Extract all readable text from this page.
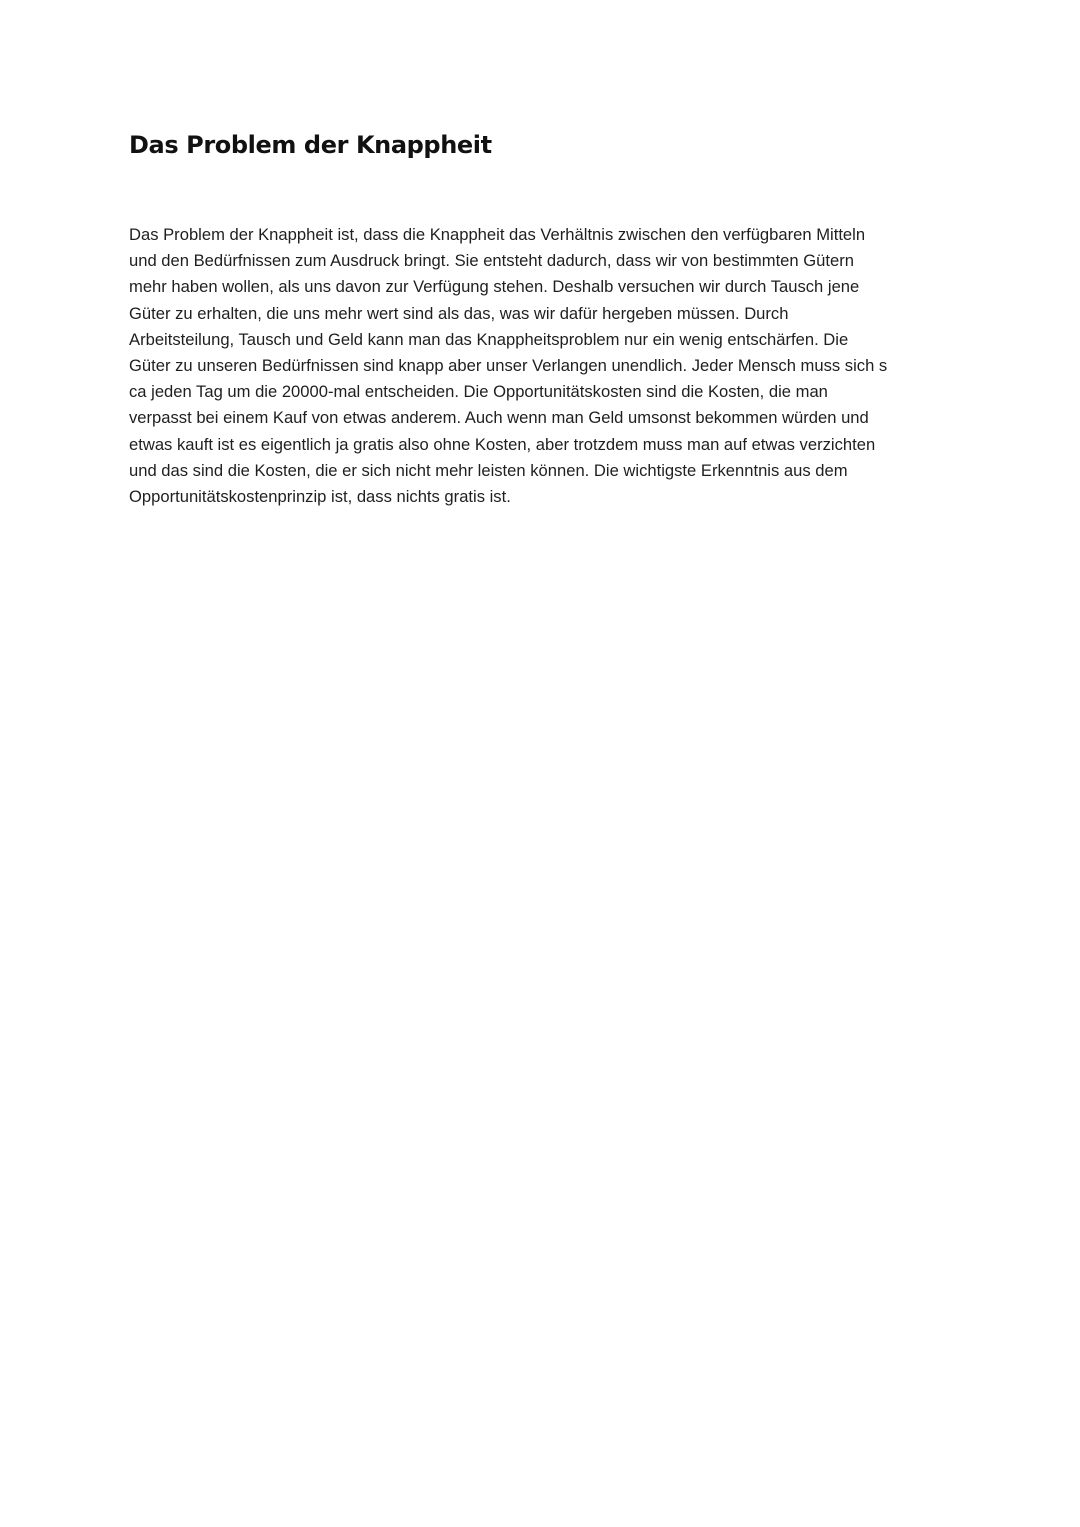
Das Problem der Knappheit
Das Problem der Knappheit ist, dass die Knappheit das Verhältnis zwischen den verfügbaren Mitteln
und den Bedürfnissen zum Ausdruck bringt. Sie entsteht dadurch, dass wir von bestimmten Gütern
mehr haben wollen, als uns davon zur Verfügung stehen. Deshalb versuchen wir durch Tausch jene
Güter zu erhalten, die uns mehr wert sind als das, was wir dafür hergeben müssen. Durch
Arbeitsteilung, Tausch und Geld kann man das Knappheitsproblem nur ein wenig entschärfen. Die
Güter zu unseren Bedürfnissen sind knapp aber unser Verlangen unendlich. Jeder Mensch muss sich s
ca jeden Tag um die 20000-mal entscheiden. Die Opportunitätskosten sind die Kosten, die man
verpasst bei einem Kauf von etwas anderem. Auch wenn man Geld umsonst bekommen würden und
etwas kauft ist es eigentlich ja gratis also ohne Kosten, aber trotzdem muss man auf etwas verzichten
und das sind die Kosten, die er sich nicht mehr leisten können. Die wichtigste Erkenntnis aus dem
Opportunitätskostenprinzip ist, dass nichts gratis ist.
